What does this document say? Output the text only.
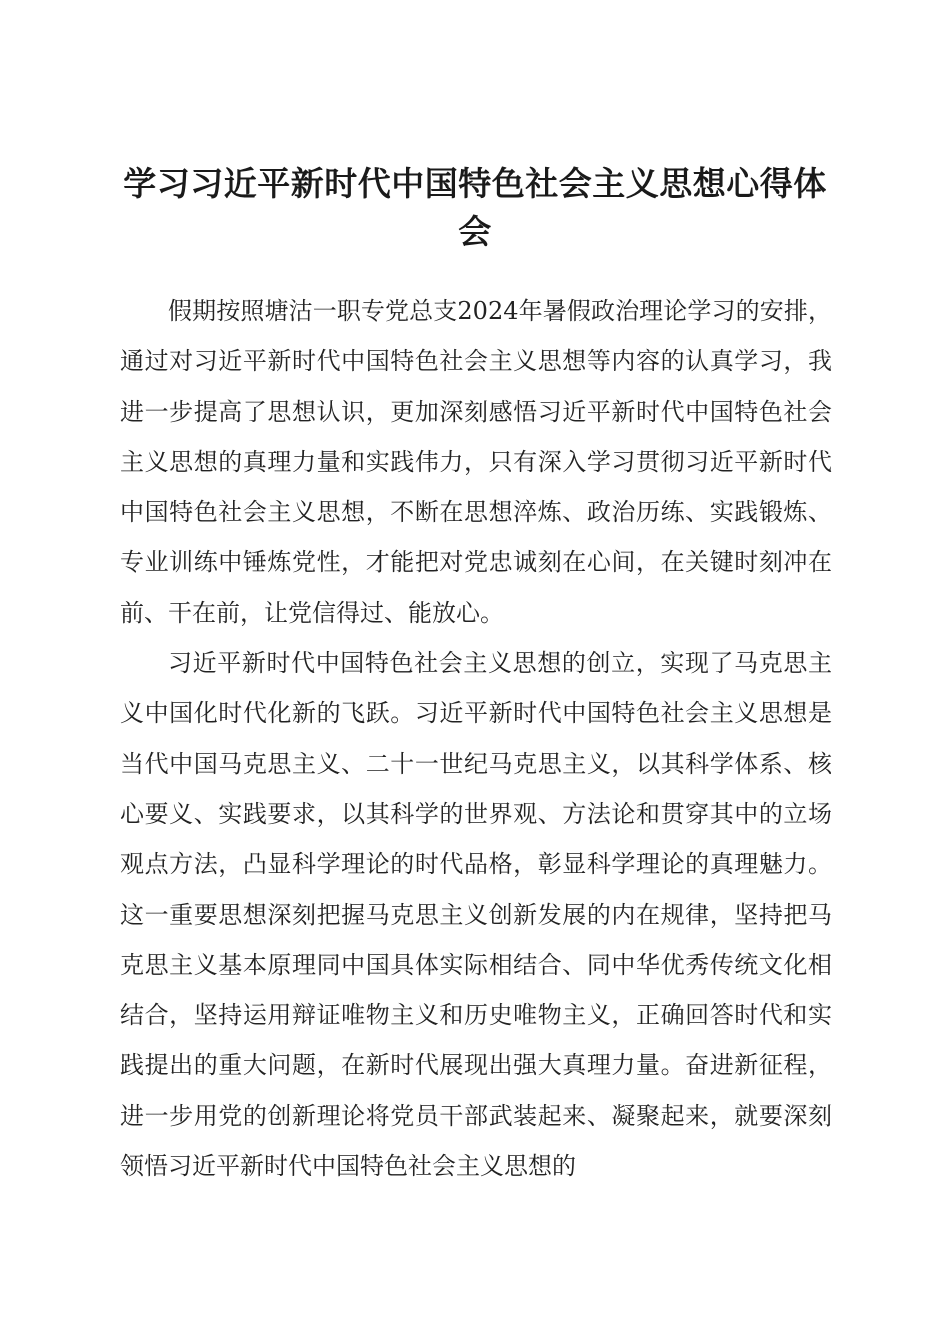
学习习近平新时代中国特色社会主义思想心得体会

假期按照塘沽一职专党总支2024年暑假政治理论学习的安排，通过对习近平新时代中国特色社会主义思想等内容的认真学习，我进一步提高了思想认识，更加深刻感悟习近平新时代中国特色社会主义思想的真理力量和实践伟力，只有深入学习贯彻习近平新时代中国特色社会主义思想，不断在思想淬炼、政治历练、实践锻炼、专业训练中锤炼党性，才能把对党忠诚刻在心间，在关键时刻冲在前、干在前，让党信得过、能放心。

习近平新时代中国特色社会主义思想的创立，实现了马克思主义中国化时代化新的飞跃。习近平新时代中国特色社会主义思想是当代中国马克思主义、二十一世纪马克思主义，以其科学体系、核心要义、实践要求，以其科学的世界观、方法论和贯穿其中的立场观点方法，凸显科学理论的时代品格，彰显科学理论的真理魅力。这一重要思想深刻把握马克思主义创新发展的内在规律，坚持把马克思主义基本原理同中国具体实际相结合、同中华优秀传统文化相结合，坚持运用辩证唯物主义和历史唯物主义，正确回答时代和实践提出的重大问题，在新时代展现出强大真理力量。奋进新征程，进一步用党的创新理论将党员干部武装起来、凝聚起来，就要深刻领悟习近平新时代中国特色社会主义思想的
